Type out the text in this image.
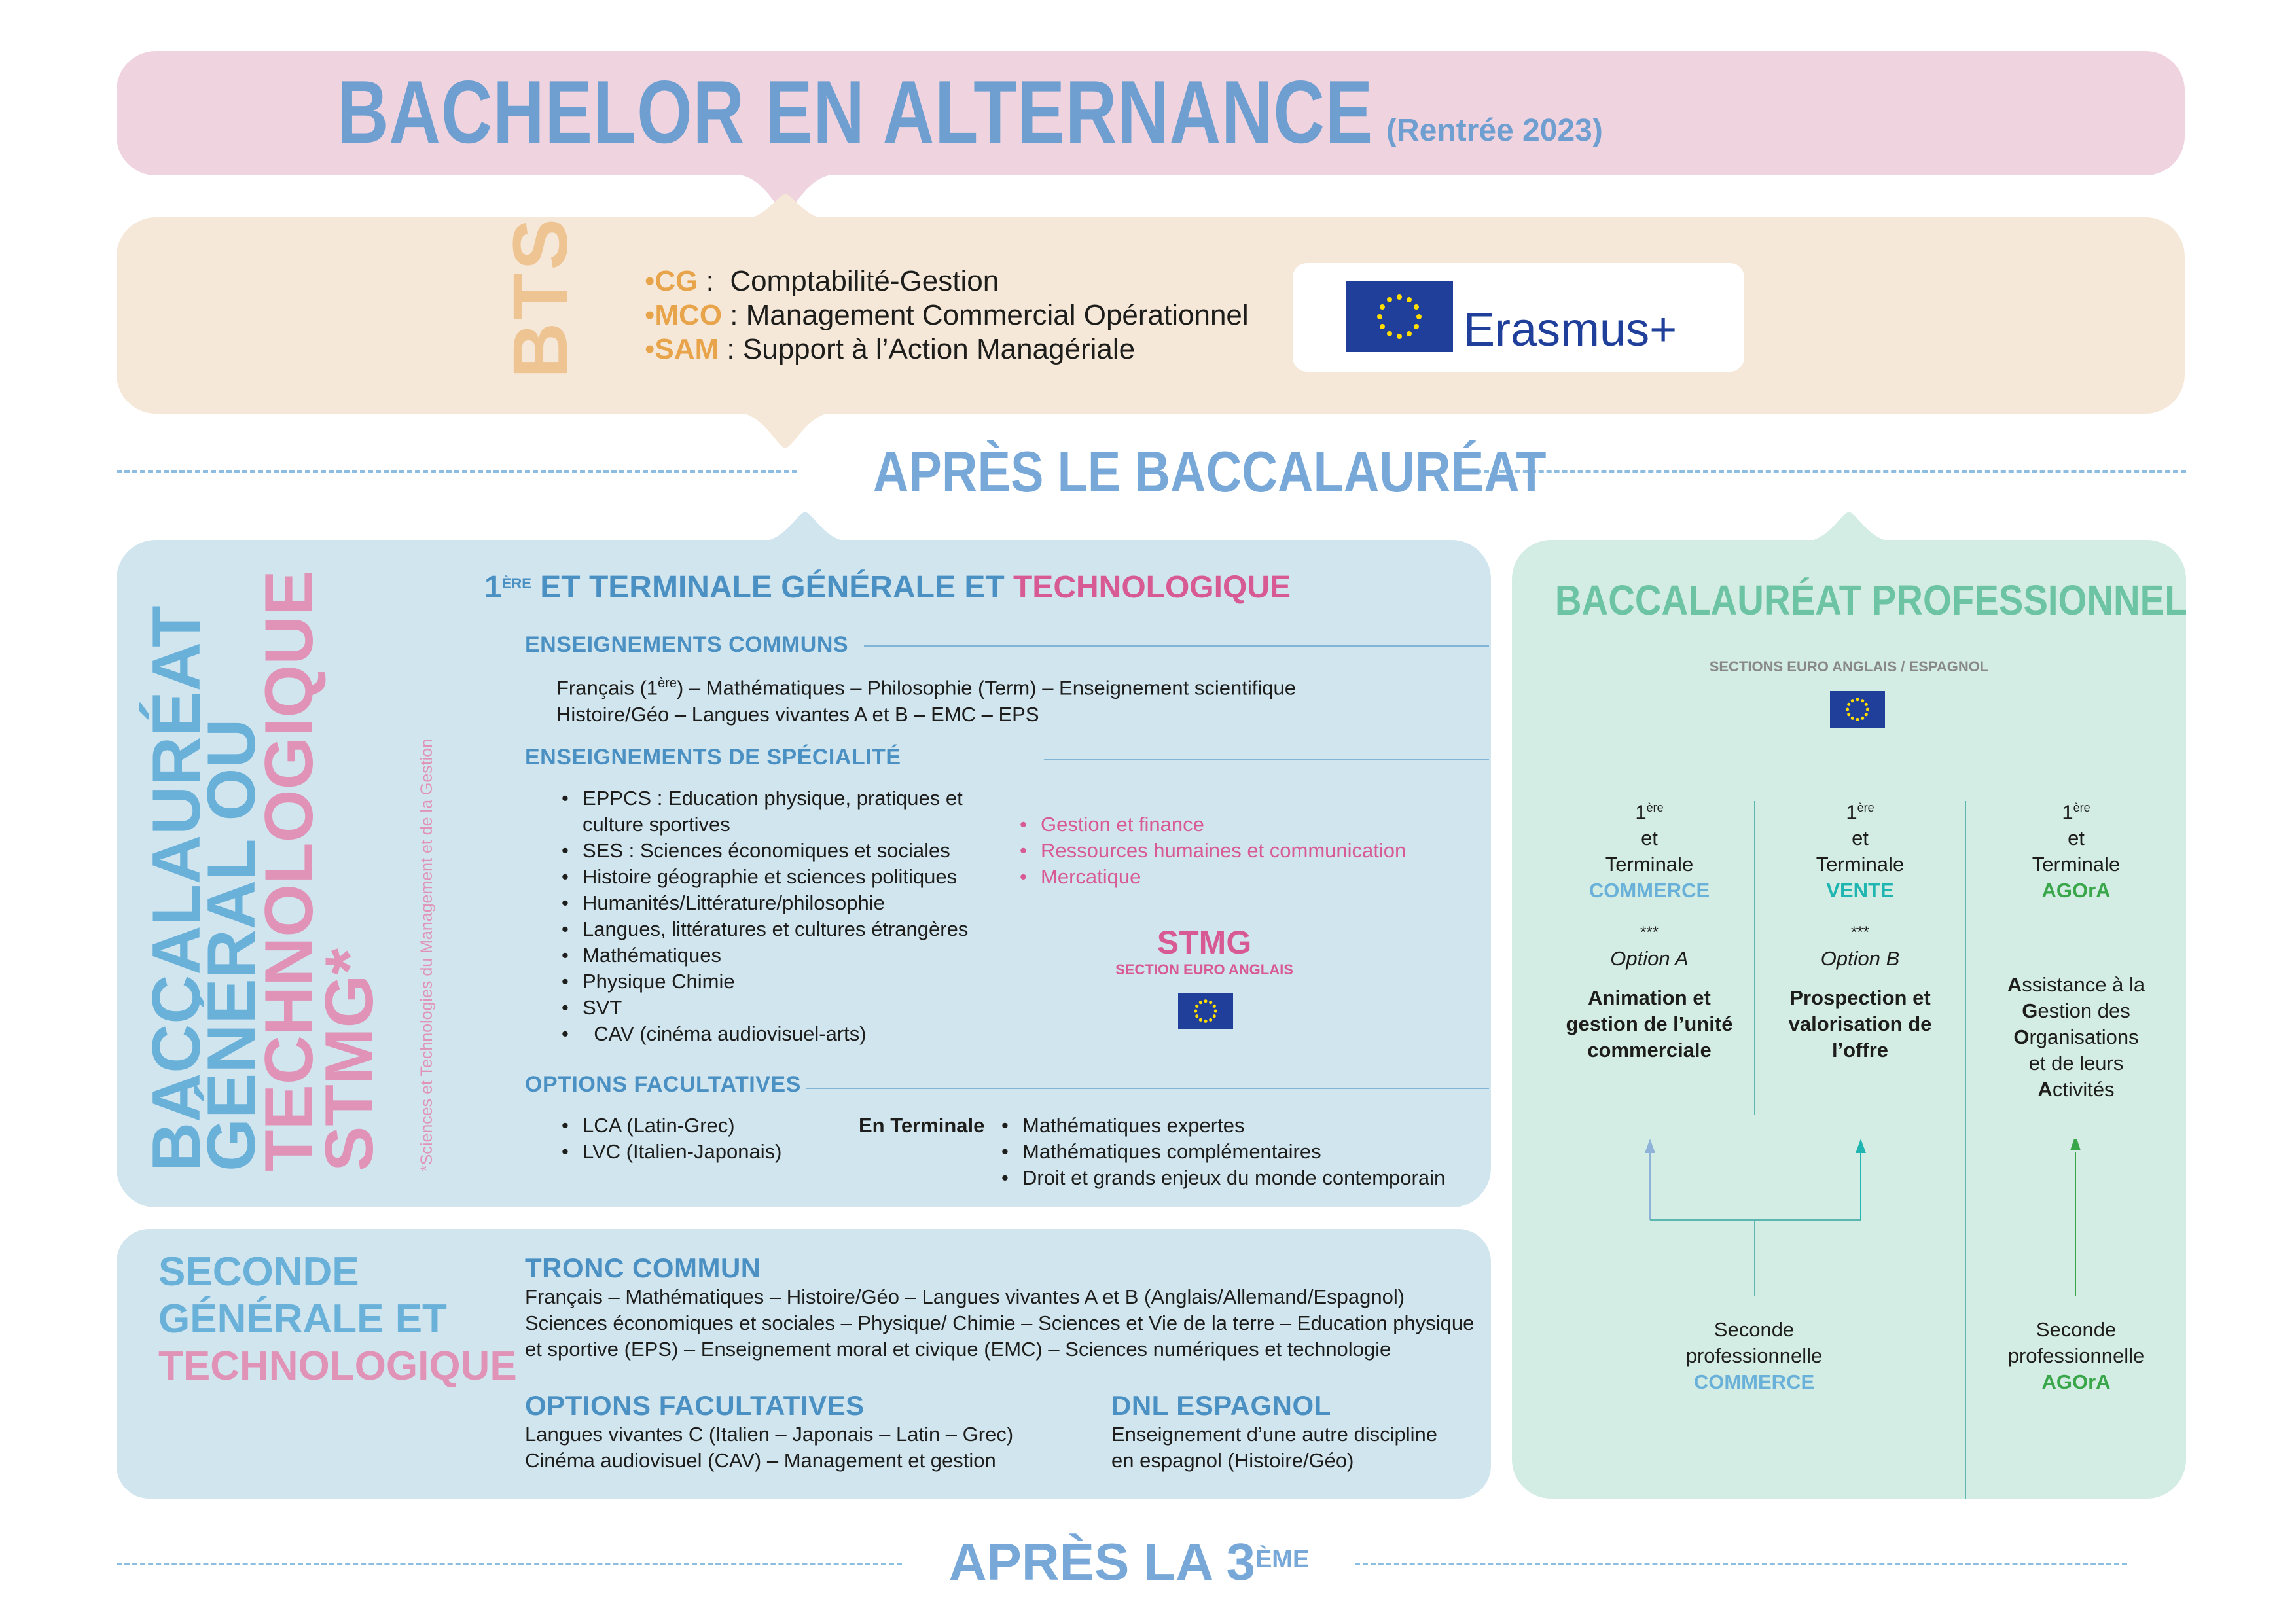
BACHELOR EN ALTERNANCE (Rentrée 2023)
BTS •CG :  Comptabilité-Gestion
•MCO : Management Commercial Opérationnel
•SAM : Support à l’Action Managériale	Erasmus+
APRÈS LE BACCALAURÉAT
BACCALAURÉAT
GÉNÉRAL OU
TECHNOLOGIQUE
STMG* *Sciences et Technologies du Management et de la Gestion
1ÈRE ET TERMINALE GÉNÉRALE ET TECHNOLOGIQUE
ENSEIGNEMENTS COMMUNS
Français (1ère) – Mathématiques – Philosophie (Term) – Enseignement scientifique
Histoire/Géo – Langues vivantes A et B – EMC – EPS
ENSEIGNEMENTS DE SPÉCIALITÉ
• EPPCS : Education physique, pratiques et
culture sportives
• SES : Sciences économiques et sociales
• Histoire géographie et sciences politiques
• Humanités/Littérature/philosophie
• Langues, littératures et cultures étrangères
• Mathématiques
• Physique Chimie
• SVT
•   CAV (cinéma audiovisuel-arts)
• Gestion et finance
• Ressources humaines et communication
• Mercatique
STMG
SECTION EURO ANGLAIS
OPTIONS FACULTATIVES
• LCA (Latin-Grec)
• LVC (Italien-Japonais)
En Terminale
•	Mathématiques expertes
• Mathématiques complémentaires
• Droit et grands enjeux du monde contemporain
SECONDE
GÉNÉRALE ET
TECHNOLOGIQUE
TRONC COMMUN
Français – Mathématiques – Histoire/Géo – Langues vivantes A et B (Anglais/Allemand/Espagnol)
Sciences économiques et sociales – Physique/ Chimie – Sciences et Vie de la terre – Education physique
et sportive (EPS) – Enseignement moral et civique (EMC) – Sciences numériques et technologie
OPTIONS FACULTATIVES
Langues vivantes C (Italien – Japonais – Latin – Grec)
Cinéma audiovisuel (CAV) – Management et gestion
DNL ESPAGNOL
Enseignement d’une autre discipline
en espagnol (Histoire/Géo)
BACCALAURÉAT PROFESSIONNEL
SECTIONS EURO ANGLAIS / ESPAGNOL
1ère
et
Terminale
COMMERCE
***
Option A
Animation et
gestion de l’unité
commerciale
1ère
et
Terminale
VENTE
***
Option B
Prospection et
valorisation de
l’offre
1ère
et
Terminale
AGOrA
Assistance à la
Gestion des
Organisations
et de leurs
Activités
Seconde
professionnelle
COMMERCE
Seconde
professionnelle
AGOrA
APRÈS LA 3ÈME
